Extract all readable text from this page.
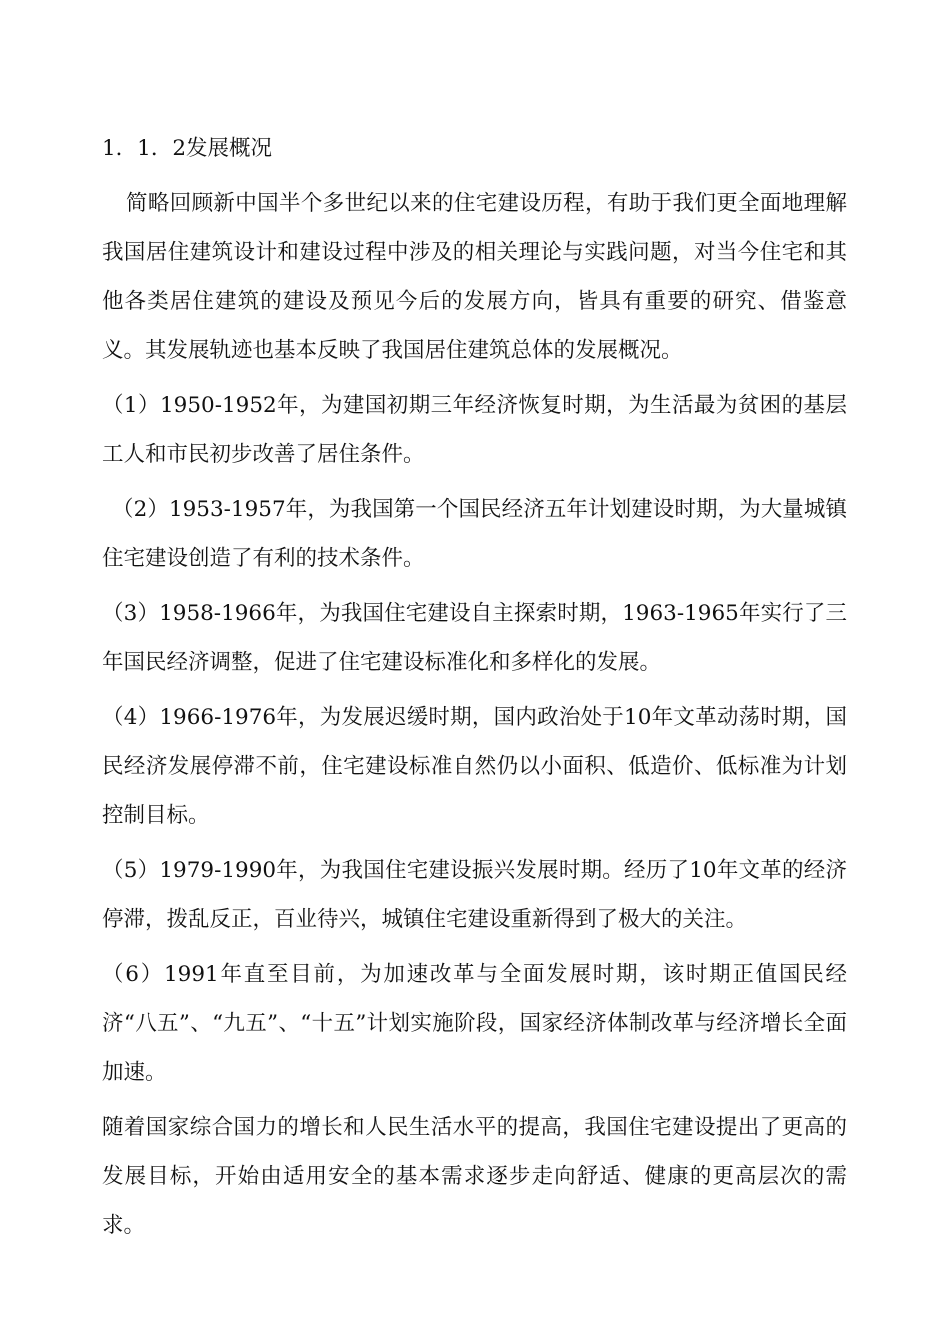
1．1．2发展概况

简略回顾新中国半个多世纪以来的住宅建设历程，有助于我们更全面地理解我国居住建筑设计和建设过程中涉及的相关理论与实践问题，对当今住宅和其他各类居住建筑的建设及预见今后的发展方向，皆具有重要的研究、借鉴意义。其发展轨迹也基本反映了我国居住建筑总体的发展概况。

（1）1950-1952年，为建国初期三年经济恢复时期，为生活最为贫困的基层工人和市民初步改善了居住条件。

（2）1953-1957年，为我国第一个国民经济五年计划建设时期，为大量城镇住宅建设创造了有利的技术条件。

（3）1958-1966年，为我国住宅建设自主探索时期，1963-1965年实行了三年国民经济调整，促进了住宅建设标准化和多样化的发展。

（4）1966-1976年，为发展迟缓时期，国内政治处于10年文革动荡时期，国民经济发展停滞不前，住宅建设标准自然仍以小面积、低造价、低标准为计划控制目标。

（5）1979-1990年，为我国住宅建设振兴发展时期。经历了10年文革的经济停滞，拨乱反正，百业待兴，城镇住宅建设重新得到了极大的关注。

（6）1991年直至目前，为加速改革与全面发展时期，该时期正值国民经济“八五”、“九五”、“十五”计划实施阶段，国家经济体制改革与经济增长全面加速。

随着国家综合国力的增长和人民生活水平的提高，我国住宅建设提出了更高的发展目标，开始由适用安全的基本需求逐步走向舒适、健康的更高层次的需求。
